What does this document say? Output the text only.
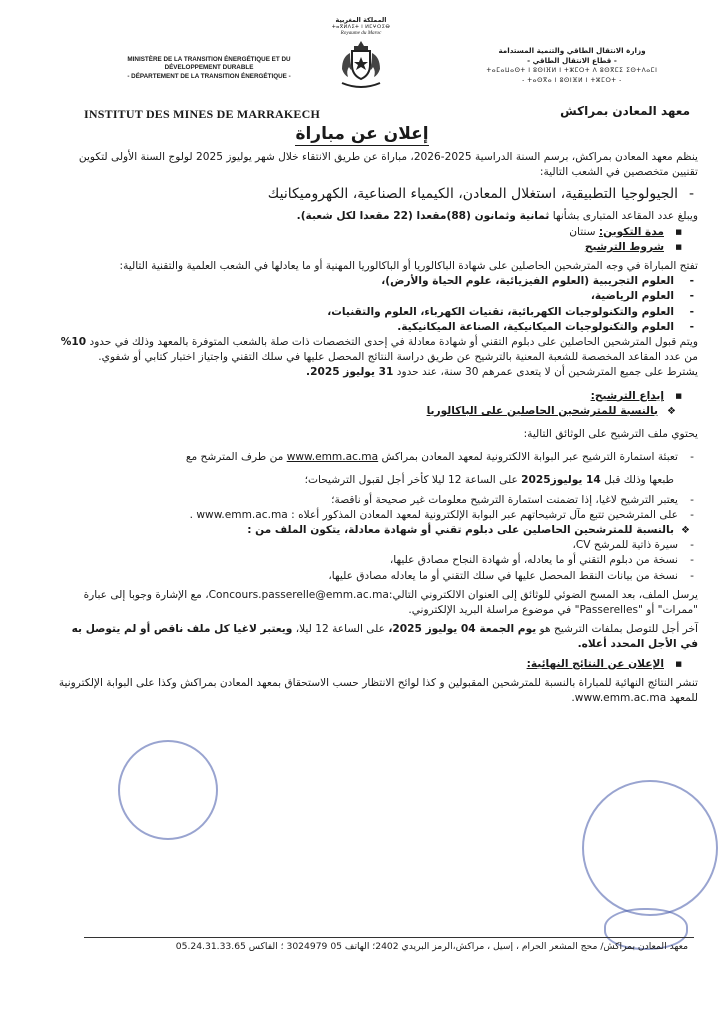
MINISTÈRE DE LA TRANSITION ÉNERGÉTIQUE ET DU
DÉVELOPPEMENT DURABLE
- DÉPARTEMENT DE LA TRANSITION ÉNERGÉTIQUE -
المملكة المغربية
ⵜⴰⴳⵍⴷⵉⵜ ⵏ ⵍⵎⵖⵔⵉⴱ
Royaume du Maroc
وزارة الانتقال الطاقي والتنمية المستدامة
- قطاع الانتقال الطاقي -
ⵜⴰⵎⴰⵡⴰⵙⵜ ⵏ ⵓⵙⵏⴼⵍ ⵏ ⵜⵣⵎⵔⵜ ⴷ ⵓⵙⴳⵎⵉ ⵉⵙⵜⴷⴰⵎⵏ
- ⵜⴰⵙⴳⴰ ⵏ ⵓⵙⵏⴼⵍ ⵏ ⵜⵣⵎⵔⵜ -
INSTITUT DES MINES DE MARRAKECH	معهد المعادن بمراكش
إعلان عن مباراة

ينظم معهد المعادن بمراكش، برسم السنة الدراسية 2025-2026، مباراة عن طريق الانتقاء خلال شهر يوليوز 2025 لولوج السنة الأولى لتكوين تقنيين متخصصين في الشعب التالية:

- الجيولوجيا التطبيقية، استغلال المعادن، الكيمياء الصناعية، الكهروميكانيك

ويبلغ عدد المقاعد المتبارى بشأنها ثمانية وثمانون (88)مقعدا (22 مقعدا لكل شعبة).

■ مدة التكوين: سنتان

■ شروط الترشيح

تفتح المباراة في وجه المترشحين الحاصلين على شهادة الباكالوريا أو الباكالوريا المهنية أو ما يعادلها في الشعب العلمية والتقنية التالية:

- العلوم التجريبية (العلوم الفيزيائية، علوم الحياة والأرض)،

- العلوم الرياضية،

- العلوم والتكنولوجيات الكهربائية، تقنيات الكهرباء، العلوم والتقنيات،

- العلوم والتكنولوجيات الميكانيكية، الصناعة الميكانيكية.

ويتم قبول المترشحين الحاصلين على دبلوم التقني أو شهادة معادلة في إحدى التخصصات ذات صلة بالشعب المتوفرة بالمعهد وذلك في حدود 10% من عدد المقاعد المخصصة للشعبة المعنية بالترشيح عن طريق دراسة النتائج المحصل عليها في سلك التقني واجتياز اختبار كتابي أو شفوي.

يشترط على جميع المترشحين أن لا يتعدى عمرهم 30 سنة، عند حدود 31 يوليوز 2025.

■ إيداع الترشيح:

❖ بالنسبة للمترشحين الحاصلين على الباكالوريا

يحتوي ملف الترشيح على الوثائق التالية:

- تعبئة استمارة الترشيح عبر البوابة الالكترونية لمعهد المعادن بمراكش www.emm.ac.ma من طرف المترشح مع

طبعها وذلك قبل 14 يوليوز2025 على الساعة 12 ليلا كأخر أجل لقبول الترشيحات؛

- يعتبر الترشيح لاغيا، إذا تضمنت استمارة الترشيح معلومات غير صحيحة أو ناقصة؛

- على المترشحين تتبع مآل ترشيحاتهم عبر البوابة الإلكترونية لمعهد المعادن المذكور أعلاه : www.emm.ac.ma .

❖ بالنسبة للمترشحين الحاصلين على دبلوم تقني أو شهادة معادلة، يتكون الملف من :

- سيرة ذاتية للمرشح CV،

- نسخة من دبلوم التقني أو ما يعادله، أو شهادة النجاح مصادق عليها،

- نسخة من بيانات النقط المحصل عليها في سلك التقني أو ما يعادله مصادق عليها،

يرسل الملف، بعد المسح الضوئي للوثائق إلى العنوان الالكتروني التالي:Concours.passerelle@emm.ac.ma، مع الإشارة وجوبا إلى عبارة "ممرات" أو "Passerelles" في موضوع مراسلة البريد الإلكتروني.

آخر أجل للتوصل بملفات الترشيح هو يوم الجمعة 04 يوليوز 2025، على الساعة 12 ليلا، ويعتبر لاغيا كل ملف ناقص أو لم يتوصل به في الأجل المحدد أعلاه.

■ الإعلان عن النتائج النهائية:

تنشر النتائج النهائية للمباراة بالنسبة للمترشحين المقبولين و كذا لوائح الانتظار حسب الاستحقاق بمعهد المعادن بمراكش وكذا على البوابة الإلكترونية للمعهد www.emm.ac.ma.

معهد المعادن بمراكش/ محج المشعر الحرام ، إسيل ، مراكش،الرمز البريدي 2402؛ الهاتف 05 3024979 ؛ الفاكس 05.24.31.33.65
